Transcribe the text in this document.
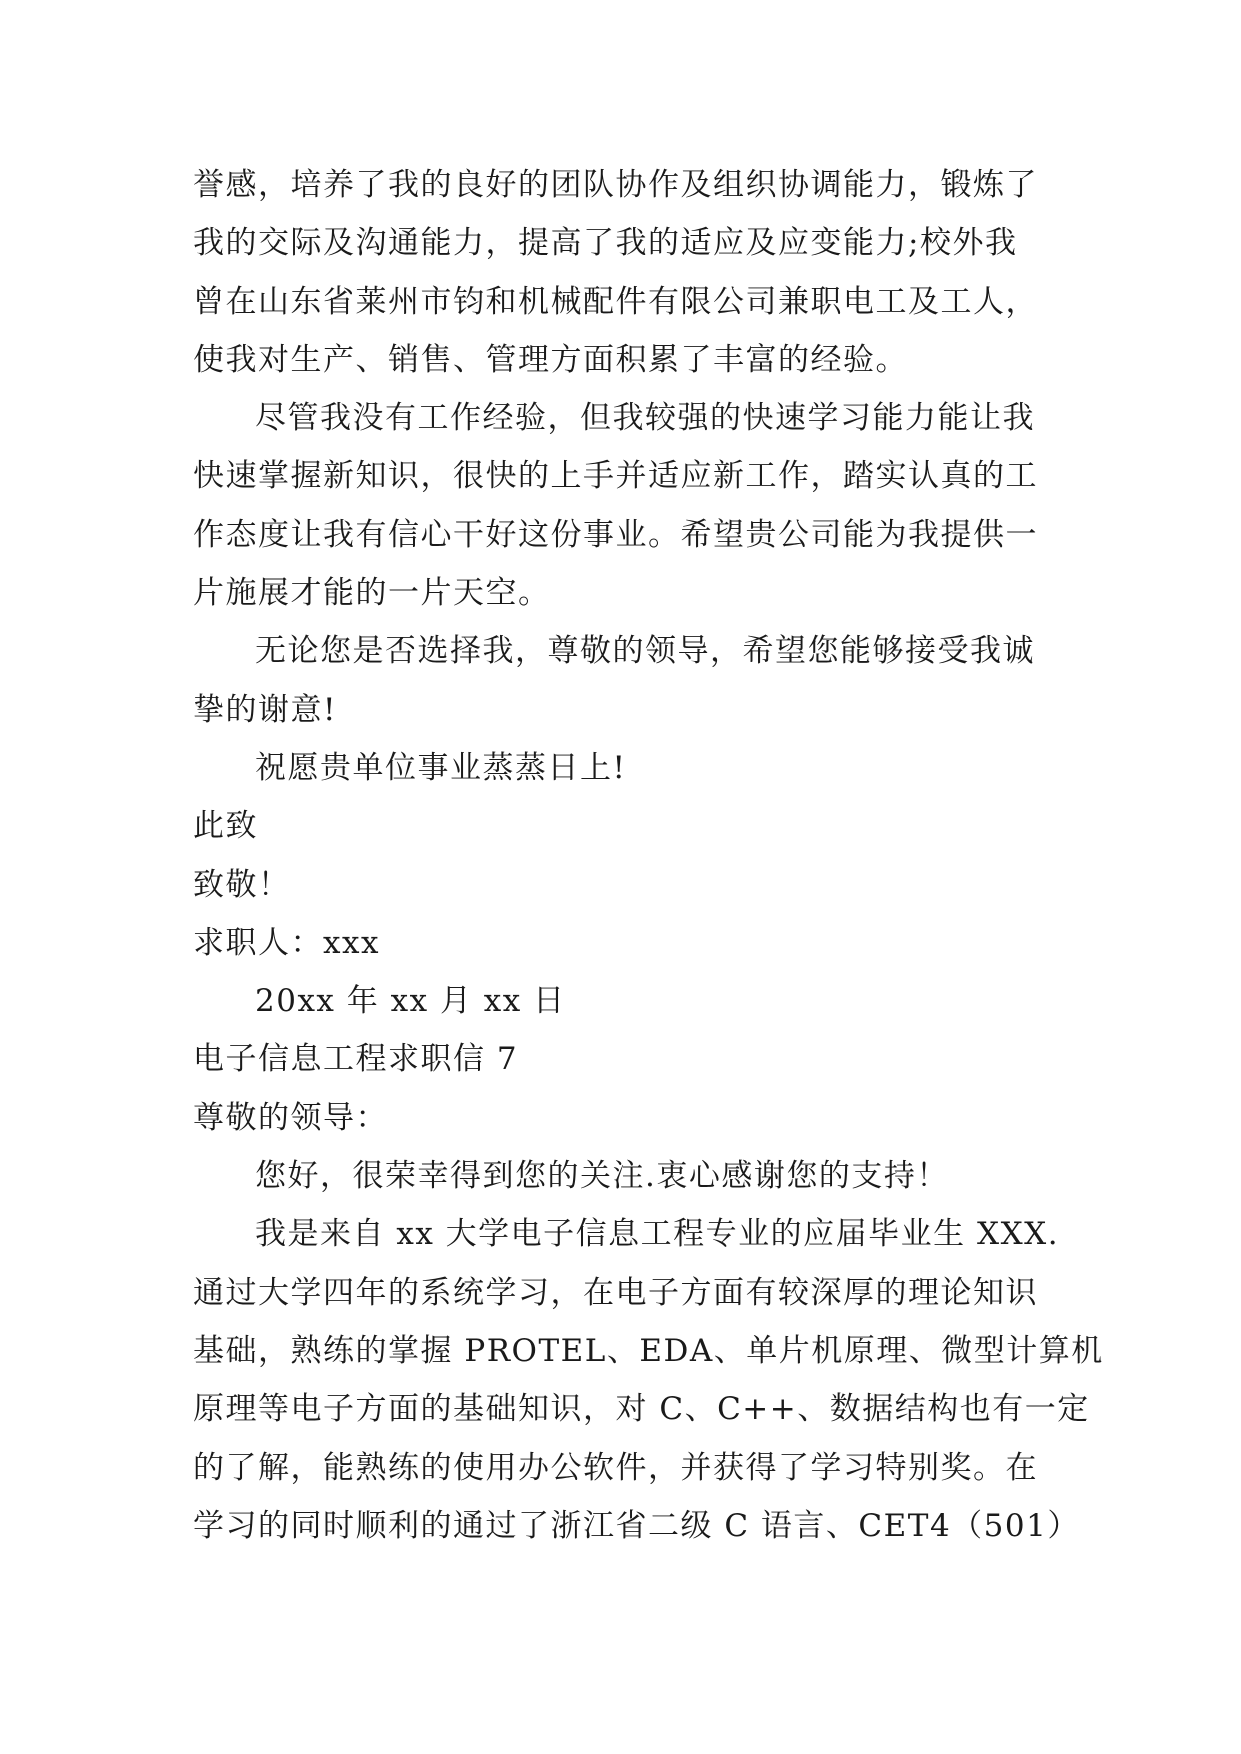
誉感，培养了我的良好的团队协作及组织协调能力，锻炼了
我的交际及沟通能力，提高了我的适应及应变能力;校外我
曾在山东省莱州市钧和机械配件有限公司兼职电工及工人，
使我对生产、销售、管理方面积累了丰富的经验。
尽管我没有工作经验，但我较强的快速学习能力能让我
快速掌握新知识，很快的上手并适应新工作，踏实认真的工
作态度让我有信心干好这份事业。希望贵公司能为我提供一
片施展才能的一片天空。
无论您是否选择我，尊敬的领导，希望您能够接受我诚
挚的谢意!
祝愿贵单位事业蒸蒸日上!
此致
致敬！
求职人：xxx
20xx 年 xx 月 xx 日
电子信息工程求职信 7
尊敬的领导：
您好，很荣幸得到您的关注.衷心感谢您的支持！
我是来自 xx 大学电子信息工程专业的应届毕业生 XXX.
通过大学四年的系统学习，在电子方面有较深厚的理论知识
基础，熟练的掌握 PROTEL、EDA、单片机原理、微型计算机
原理等电子方面的基础知识，对 C、C++、数据结构也有一定
的了解，能熟练的使用办公软件，并获得了学习特别奖。在
学习的同时顺利的通过了浙江省二级 C 语言、CET4（501）
